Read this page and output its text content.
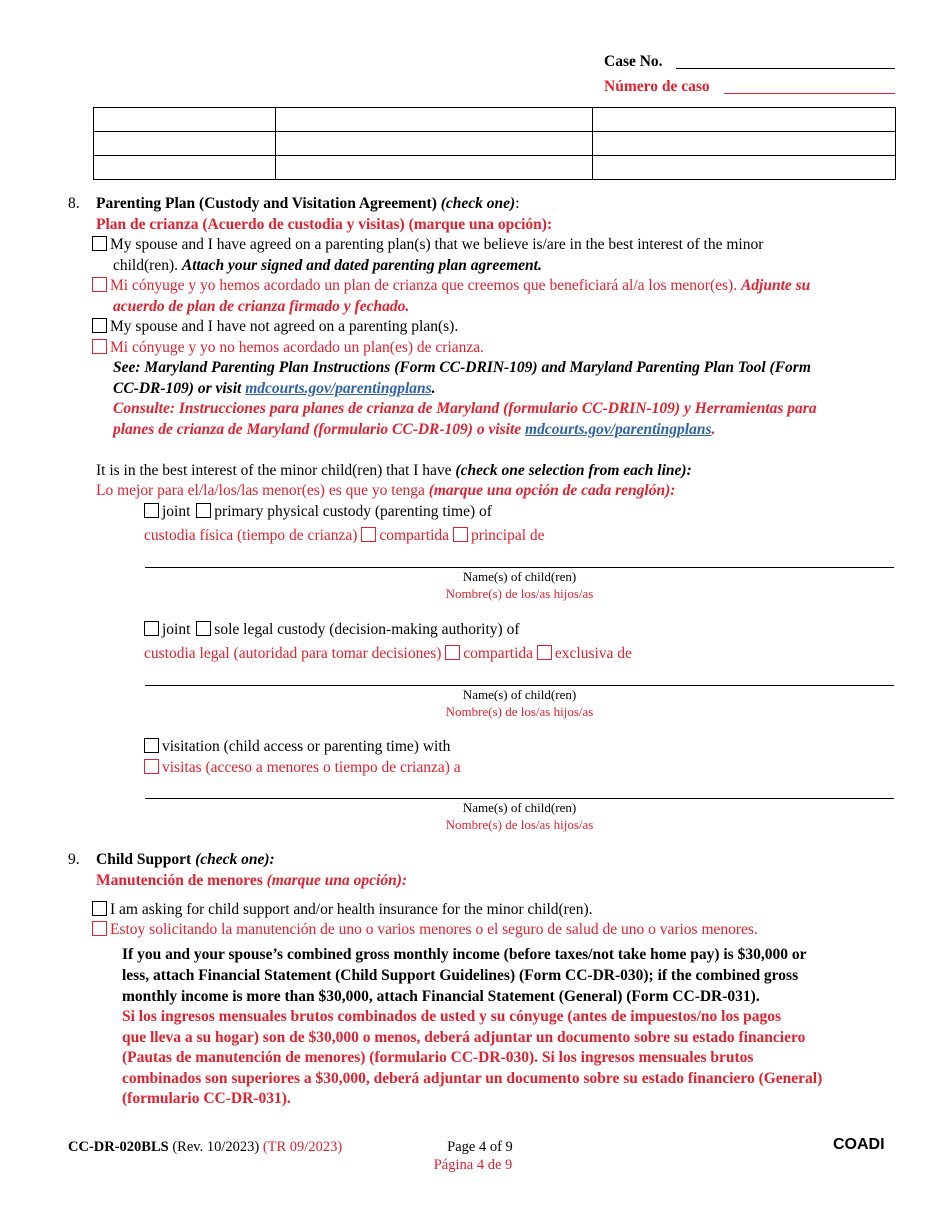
Case No.
Número de caso

8. Parenting Plan (Custody and Visitation Agreement) (check one):
Plan de crianza (Acuerdo de custodia y visitas) (marque una opción):
My spouse and I have agreed on a parenting plan(s) that we believe is/are in the best interest of the minor
child(ren). Attach your signed and dated parenting plan agreement.
Mi cónyuge y yo hemos acordado un plan de crianza que creemos que beneficiará al/a los menor(es). Adjunte su
acuerdo de plan de crianza firmado y fechado.
My spouse and I have not agreed on a parenting plan(s).
Mi cónyuge y yo no hemos acordado un plan(es) de crianza.
See: Maryland Parenting Plan Instructions (Form CC-DRIN-109) and Maryland Parenting Plan Tool (Form
CC-DR-109) or visit mdcourts.gov/parentingplans.
Consulte: Instrucciones para planes de crianza de Maryland (formulario CC-DRIN-109) y Herramientas para
planes de crianza de Maryland (formulario CC-DR-109) o visite mdcourts.gov/parentingplans.
It is in the best interest of the minor child(ren) that I have (check one selection from each line):
Lo mejor para el/la/los/las menor(es) es que yo tenga (marque una opción de cada renglón):
joint primary physical custody (parenting time) of
custodia física (tiempo de crianza) compartida principal de
Name(s) of child(ren)
Nombre(s) de los/as hijos/as
joint sole legal custody (decision-making authority) of
custodia legal (autoridad para tomar decisiones) compartida exclusiva de
Name(s) of child(ren)
Nombre(s) de los/as hijos/as
visitation (child access or parenting time) with
visitas (acceso a menores o tiempo de crianza) a
Name(s) of child(ren)
Nombre(s) de los/as hijos/as
9. Child Support (check one):
Manutención de menores (marque una opción):
I am asking for child support and/or health insurance for the minor child(ren).
Estoy solicitando la manutención de uno o varios menores o el seguro de salud de uno o varios menores.
If you and your spouse’s combined gross monthly income (before taxes/not take home pay) is $30,000 or
less, attach Financial Statement (Child Support Guidelines) (Form CC-DR-030); if the combined gross
monthly income is more than $30,000, attach Financial Statement (General) (Form CC-DR-031).
Si los ingresos mensuales brutos combinados de usted y su cónyuge (antes de impuestos/no los pagos
que lleva a su hogar) son de $30,000 o menos, deberá adjuntar un documento sobre su estado financiero
(Pautas de manutención de menores) (formulario CC-DR-030). Si los ingresos mensuales brutos
combinados son superiores a $30,000, deberá adjuntar un documento sobre su estado financiero (General)
(formulario CC-DR-031).
CC-DR-020BLS (Rev. 10/2023) (TR 09/2023)	Page 4 of 9
Página 4 de 9
COADI
